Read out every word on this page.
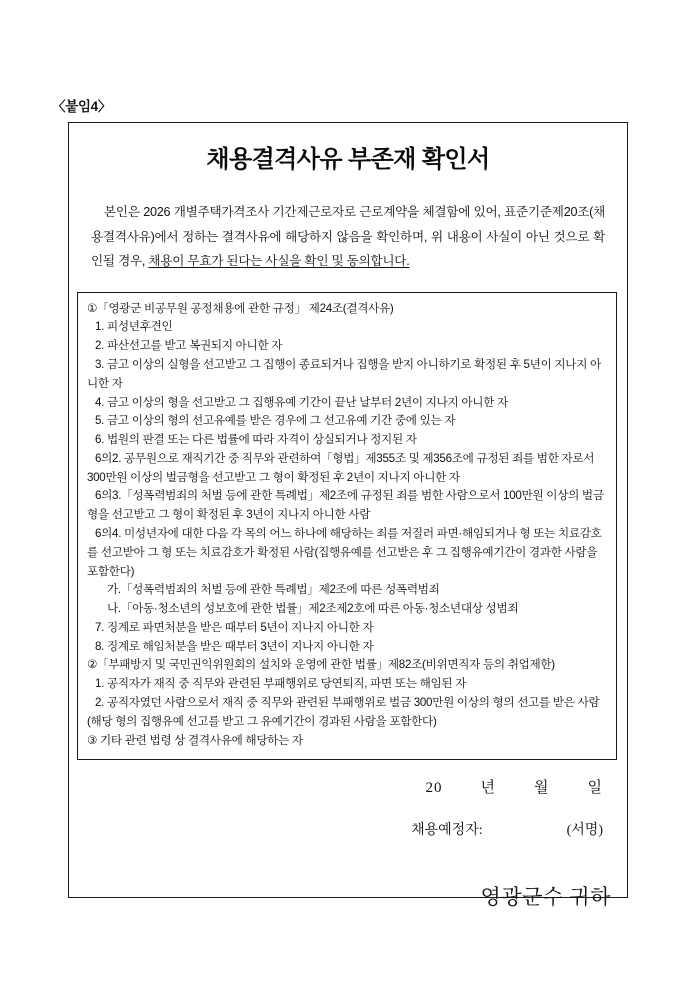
〈붙임4〉
채용결격사유 부존재 확인서

본인은 2026 개별주택가격조사 기간제근로자로 근로계약을 체결함에 있어, 표준기준제20조(채용결격사유)에서 정하는 결격사유에 해당하지 않음을 확인하며, 위 내용이 사실이 아닌 것으로 확인될 경우, 채용이 무효가 된다는 사실을 확인 및 동의합니다.

①「영광군 비공무원 공정채용에 관한 규정」 제24조(결격사유)
1. 피성년후견인
2. 파산선고를 받고 복권되지 아니한 자
3. 금고 이상의 실형을 선고받고 그 집행이 종료되거나 집행을 받지 아니하기로 확정된 후 5년이 지나지 아니한 자
4. 금고 이상의 형을 선고받고 그 집행유예 기간이 끝난 날부터 2년이 지나지 아니한 자
5. 금고 이상의 형의 선고유예를 받은 경우에 그 선고유예 기간 중에 있는 자
6. 법원의 판결 또는 다른 법률에 따라 자격이 상실되거나 정지된 자
6의2. 공무원으로 재직기간 중 직무와 관련하여「형법」제355조 및 제356조에 규정된 죄를 범한 자로서 300만원 이상의 벌금형을 선고받고 그 형이 확정된 후 2년이 지나지 아니한 자
6의3.「성폭력범죄의 처벌 등에 관한 특례법」제2조에 규정된 죄를 범한 사람으로서 100만원 이상의 벌금형을 선고받고 그 형이 확정된 후 3년이 지나지 아니한 사람
6의4. 미성년자에 대한 다음 각 목의 어느 하나에 해당하는 죄를 저질러 파면·해임되거나 형 또는 치료감호를 선고받아 그 형 또는 치료감호가 확정된 사람(집행유예를 선고받은 후 그 집행유예기간이 경과한 사람을 포함한다)
가.「성폭력범죄의 처벌 등에 관한 특례법」제2조에 따른 성폭력범죄
나.「아동·청소년의 성보호에 관한 법률」제2조제2호에 따른 아동·청소년대상 성범죄
7. 징계로 파면처분을 받은 때부터 5년이 지나지 아니한 자
8. 징계로 해임처분을 받은 때부터 3년이 지나지 아니한 자
②「부패방지 및 국민권익위원회의 설치와 운영에 관한 법률」제82조(비위면직자 등의 취업제한)
1. 공직자가 재직 중 직무와 관련된 부패행위로 당연퇴직, 파면 또는 해임된 자
2. 공직자였던 사람으로서 재직 중 직무와 관련된 부패행위로 벌금 300만원 이상의 형의 선고를 받은 사람(해당 형의 집행유예 선고를 받고 그 유예기간이 경과된 사람을 포함한다)
③ 기타 관련 법령 상 결격사유에 해당하는 자
20        년        월        일
채용예정자:	(서명)
영광군수 귀하
